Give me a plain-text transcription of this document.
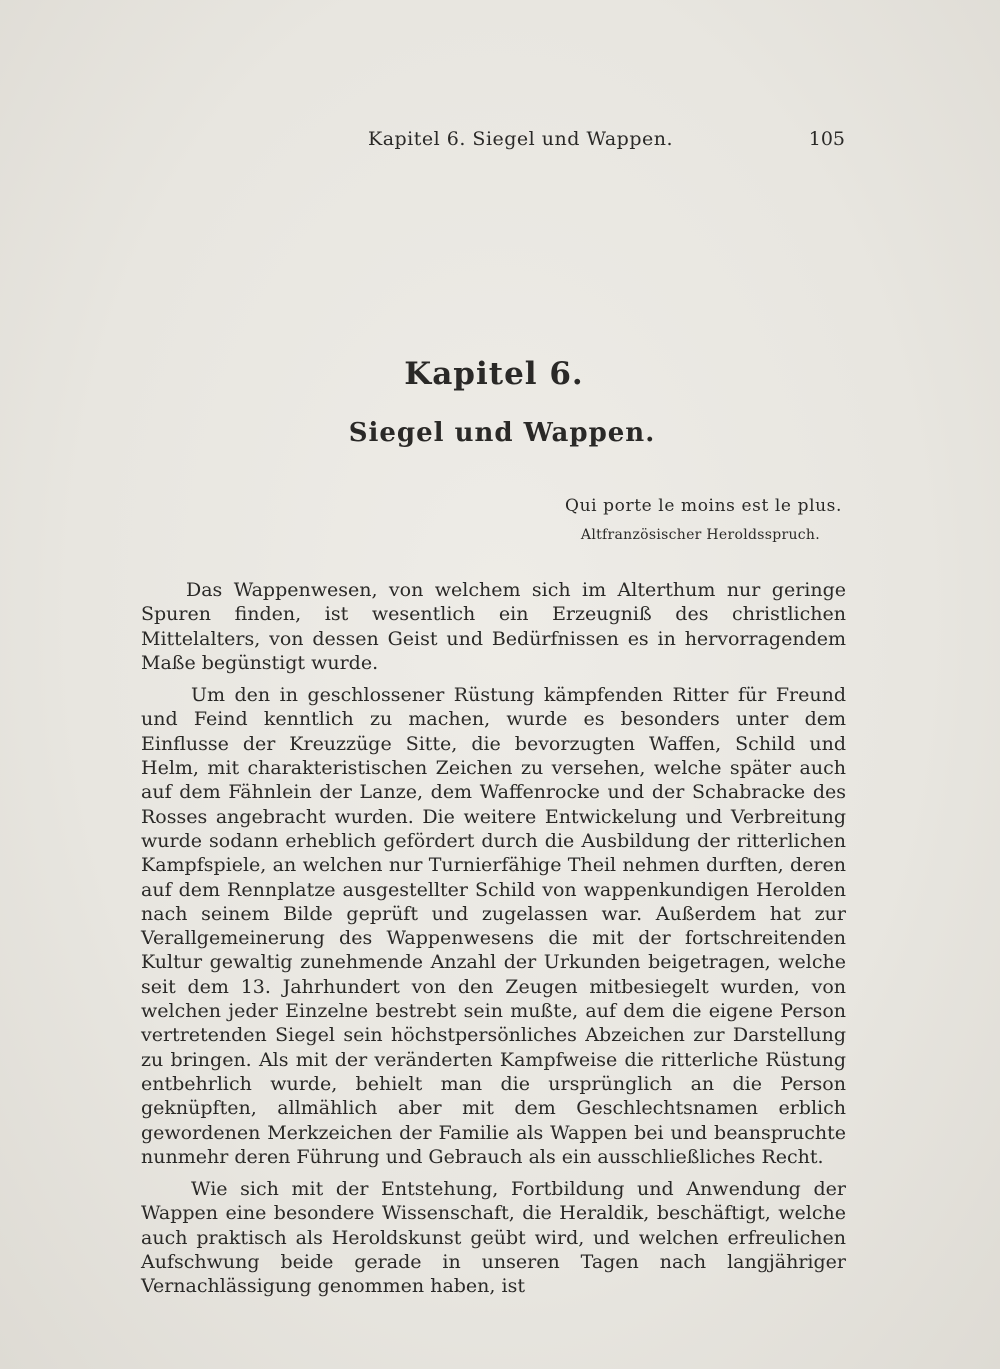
Kapitel 6. Siegel und Wappen.	105
Kapitel 6.
Siegel und Wappen.
Qui porte le moins est le plus.
Altfranzösischer Heroldsspruch.

Das Wappenwesen, von welchem sich im Alterthum nur geringe Spuren finden, ist wesentlich ein Erzeugniß des christlichen Mittelalters, von dessen Geist und Bedürfnissen es in hervorragendem Maße begünstigt wurde.

Um den in geschlossener Rüstung kämpfenden Ritter für Freund und Feind kenntlich zu machen, wurde es besonders unter dem Einflusse der Kreuzzüge Sitte, die bevorzugten Waffen, Schild und Helm, mit charakteristischen Zeichen zu versehen, welche später auch auf dem Fähnlein der Lanze, dem Waffenrocke und der Schabracke des Rosses angebracht wurden. Die weitere Entwickelung und Verbreitung wurde sodann erheblich gefördert durch die Ausbildung der ritterlichen Kampfspiele, an welchen nur Turnierfähige Theil nehmen durften, deren auf dem Rennplatze ausgestellter Schild von wappenkundigen Herolden nach seinem Bilde geprüft und zugelassen war. Außerdem hat zur Verallgemeinerung des Wappenwesens die mit der fortschreitenden Kultur gewaltig zunehmende Anzahl der Urkunden beigetragen, welche seit dem 13. Jahrhundert von den Zeugen mitbesiegelt wurden, von welchen jeder Einzelne bestrebt sein mußte, auf dem die eigene Person vertretenden Siegel sein höchstpersönliches Abzeichen zur Darstellung zu bringen. Als mit der veränderten Kampfweise die ritterliche Rüstung entbehrlich wurde, behielt man die ursprünglich an die Person geknüpften, allmählich aber mit dem Geschlechtsnamen erblich gewordenen Merkzeichen der Familie als Wappen bei und beanspruchte nunmehr deren Führung und Gebrauch als ein ausschließliches Recht.

Wie sich mit der Entstehung, Fortbildung und Anwendung der Wappen eine besondere Wissenschaft, die Heraldik, beschäftigt, welche auch praktisch als Heroldskunst geübt wird, und welchen erfreulichen Aufschwung beide gerade in unseren Tagen nach langjähriger Vernachlässigung genommen haben, ist
